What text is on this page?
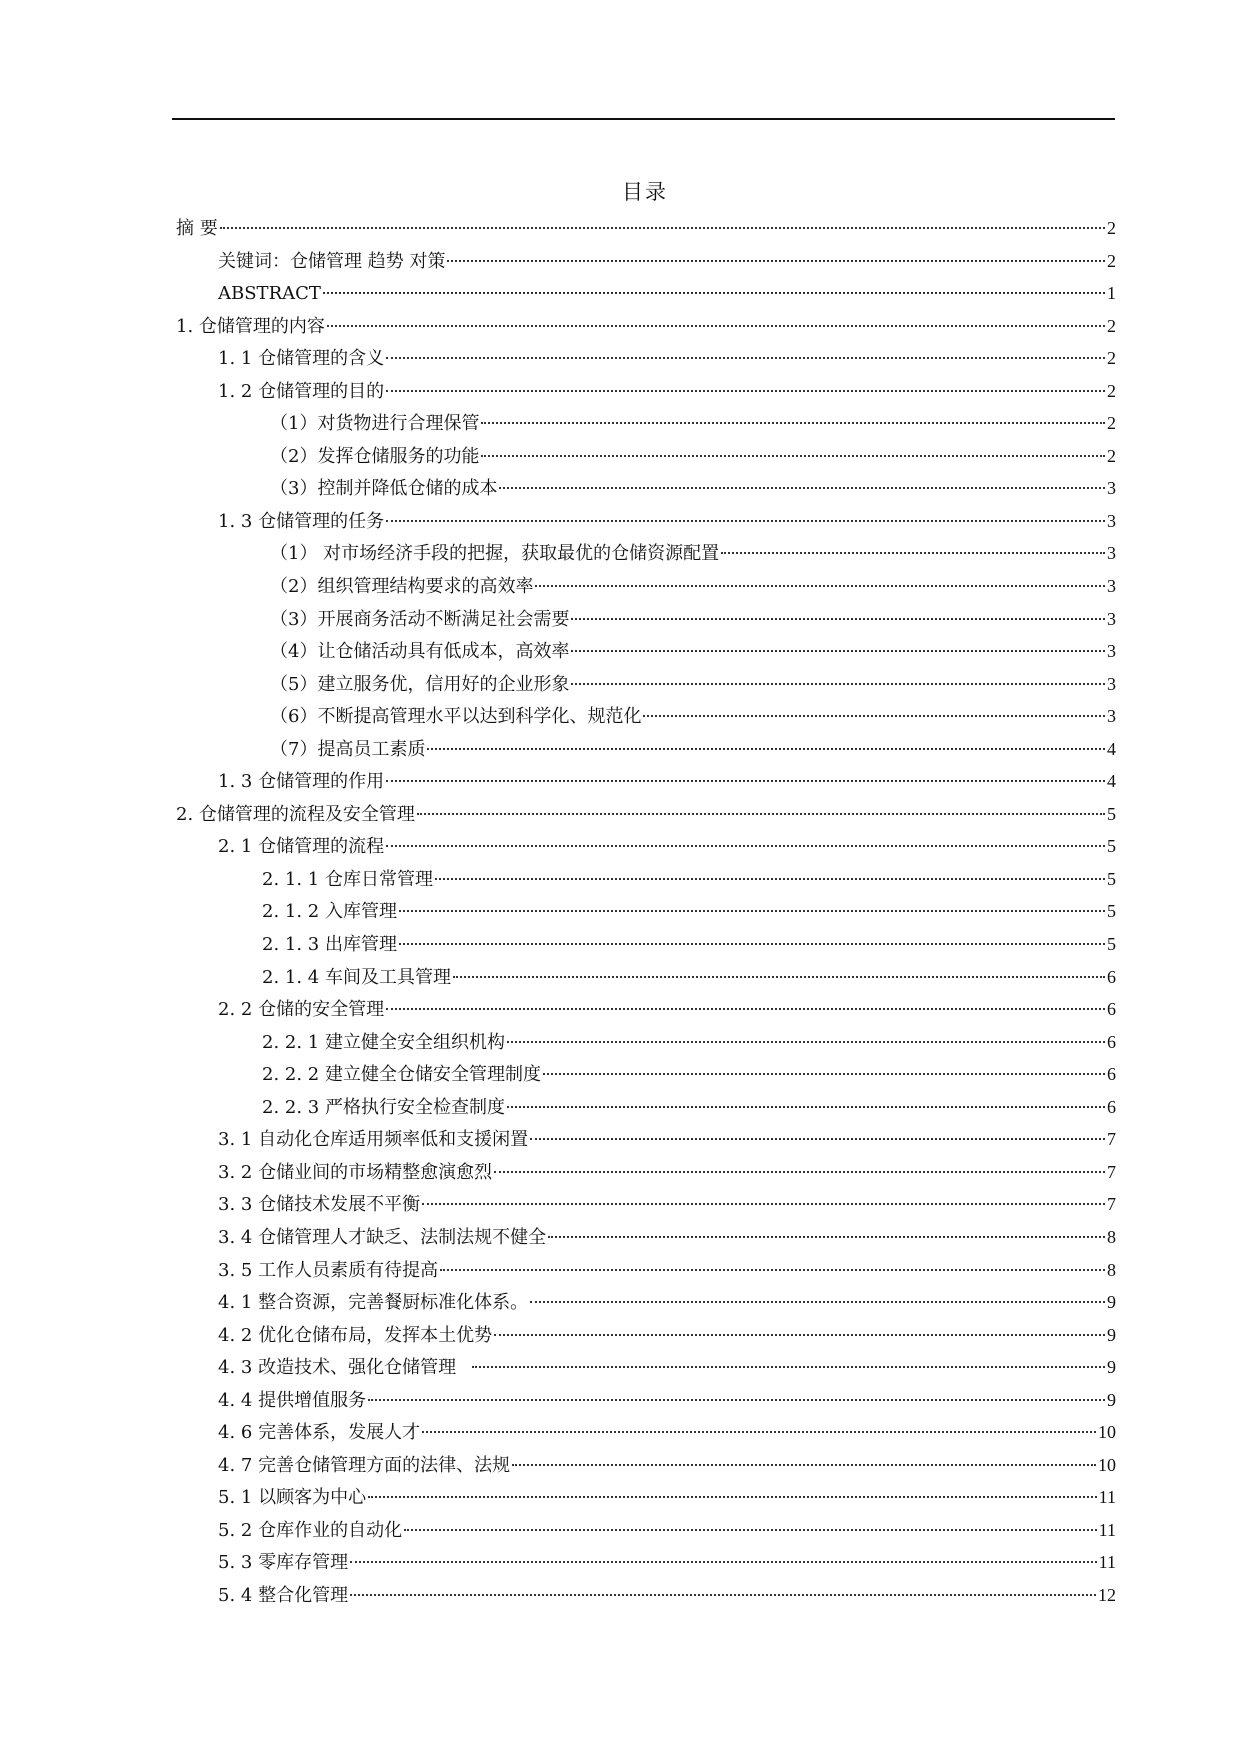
目录
摘 要	2
关键词：仓储管理 趋势 对策	2
ABSTRACT	1
1. 仓储管理的内容	2
1. 1 仓储管理的含义	2
1. 2 仓储管理的目的	2
（1）对货物进行合理保管	2
（2）发挥仓储服务的功能	2
（3）控制并降低仓储的成本	3
1. 3 仓储管理的任务	3
（1） 对市场经济手段的把握，获取最优的仓储资源配置	3
（2）组织管理结构要求的高效率	3
（3）开展商务活动不断满足社会需要	3
（4）让仓储活动具有低成本，高效率	3
（5）建立服务优，信用好的企业形象	3
（6）不断提高管理水平以达到科学化、规范化	3
（7）提高员工素质	4
1. 3 仓储管理的作用	4
2. 仓储管理的流程及安全管理	5
2. 1 仓储管理的流程	5
2. 1. 1 仓库日常管理	5
2. 1. 2 入库管理	5
2. 1. 3 出库管理	5
2. 1. 4 车间及工具管理	6
2. 2 仓储的安全管理	6
2. 2. 1 建立健全安全组织机构	6
2. 2. 2 建立健全仓储安全管理制度	6
2. 2. 3 严格执行安全检查制度	6
3. 1 自动化仓库适用频率低和支援闲置	7
3. 2 仓储业间的市场精整愈演愈烈	7
3. 3 仓储技术发展不平衡	7
3. 4 仓储管理人才缺乏、法制法规不健全	8
3. 5 工作人员素质有待提高	8
4. 1 整合资源，完善餐厨标准化体系。	9
4. 2 优化仓储布局，发挥本土优势	9
4. 3 改造技术、强化仓储管理	9
4. 4 提供增值服务	9
4. 6 完善体系，发展人才	10
4. 7 完善仓储管理方面的法律、法规	10
5. 1 以顾客为中心	11
5. 2 仓库作业的自动化	11
5. 3 零库存管理	11
5. 4 整合化管理	12
